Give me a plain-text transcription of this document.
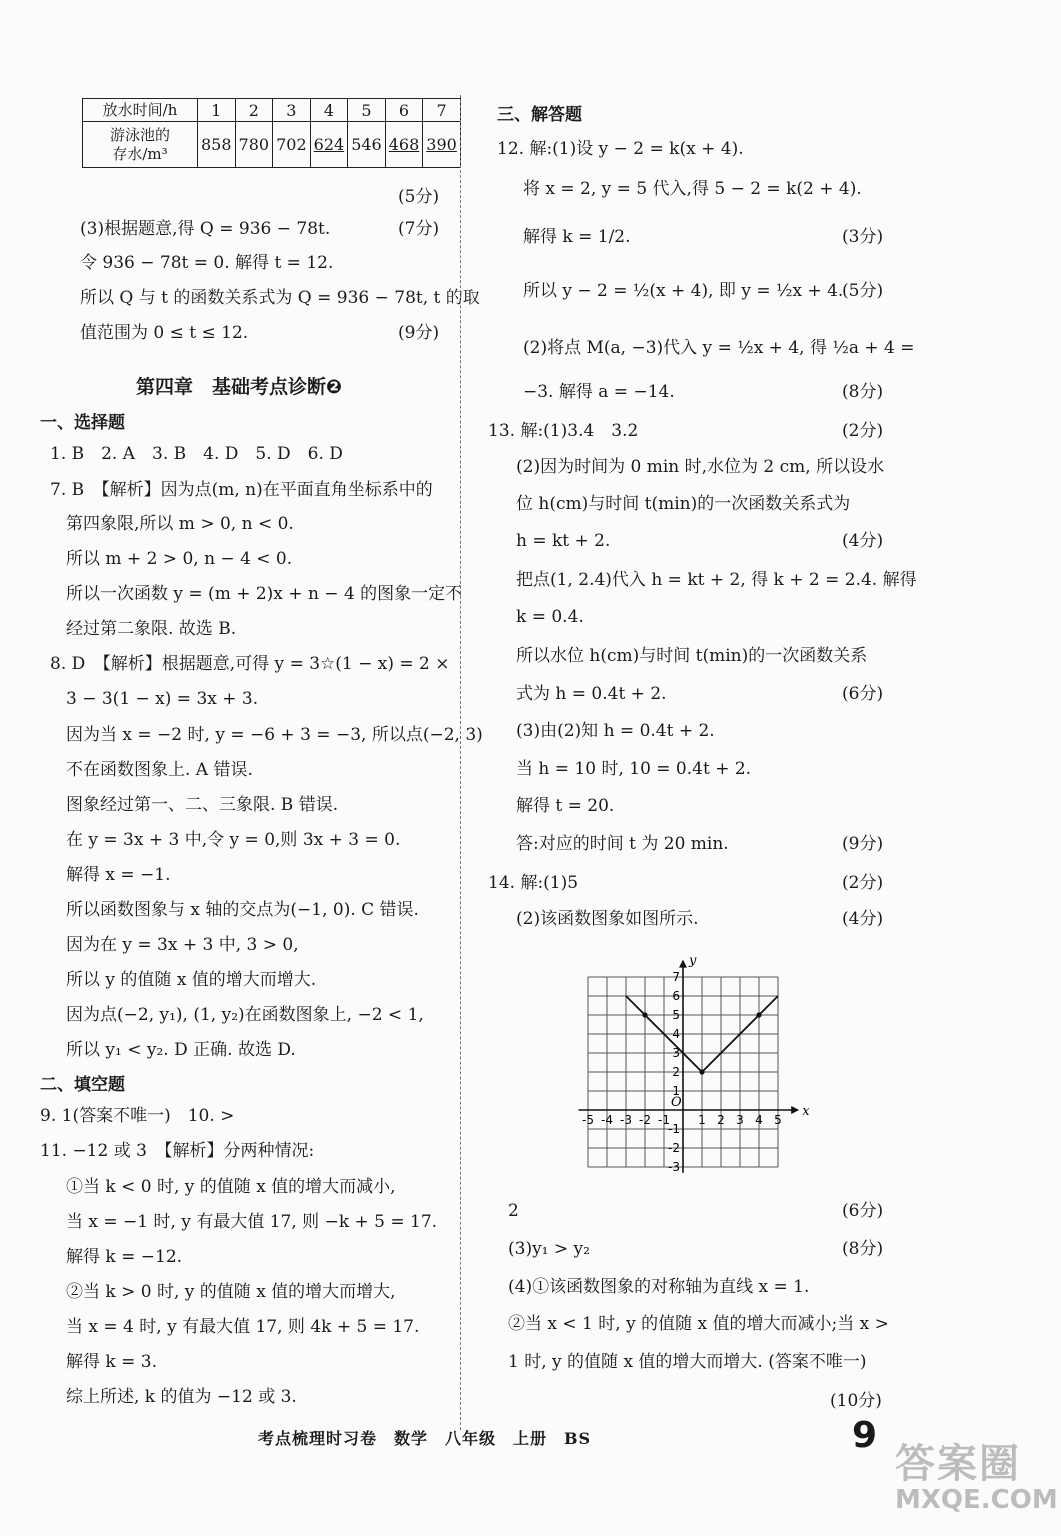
放水时间/h	1	2	3	4	5	6	7

游泳池的
存水/m³	858	780	702	624	546	468	390
(5分)
(3)根据题意,得 Q = 936 − 78t.	(7分)
令 936 − 78t = 0. 解得 t = 12.
所以 Q 与 t 的函数关系式为 Q = 936 − 78t, t 的取
值范围为 0 ≤ t ≤ 12.	(9分)
第四章　基础考点诊断❷
一、选择题
1. B　2. A　3. B　4. D　5. D　6. D
7. B　【解析】因为点(m, n)在平面直角坐标系中的
第四象限,所以 m > 0, n < 0.
所以 m + 2 > 0, n − 4 < 0.
所以一次函数 y = (m + 2)x + n − 4 的图象一定不
经过第二象限. 故选 B.
8. D　【解析】根据题意,可得 y = 3☆(1 − x) = 2 ×
3 − 3(1 − x) = 3x + 3.
因为当 x = −2 时, y = −6 + 3 = −3, 所以点(−2, 3)
不在函数图象上. A 错误.
图象经过第一、二、三象限. B 错误.
在 y = 3x + 3 中,令 y = 0,则 3x + 3 = 0.
解得 x = −1.
所以函数图象与 x 轴的交点为(−1, 0). C 错误.
因为在 y = 3x + 3 中, 3 > 0,
所以 y 的值随 x 值的增大而增大.
因为点(−2, y₁), (1, y₂)在函数图象上, −2 < 1,
所以 y₁ < y₂. D 正确. 故选 D.
二、填空题
9. 1(答案不唯一)　10. >
11. −12 或 3　【解析】分两种情况:
①当 k < 0 时, y 的值随 x 值的增大而减小,
当 x = −1 时, y 有最大值 17, 则 −k + 5 = 17.
解得 k = −12.
②当 k > 0 时, y 的值随 x 值的增大而增大,
当 x = 4 时, y 有最大值 17, 则 4k + 5 = 17.
解得 k = 3.
综上所述, k 的值为 −12 或 3.
三、解答题
12. 解:(1)设 y − 2 = k(x + 4).
将 x = 2, y = 5 代入,得 5 − 2 = k(2 + 4).
解得 k = 1/2.	(3分)
所以 y − 2 = ½(x + 4), 即 y = ½x + 4.
(5分)
(2)将点 M(a, −3)代入 y = ½x + 4, 得 ½a + 4 =
−3. 解得 a = −14.	(8分)
13. 解:(1)3.4　3.2	(2分)
(2)因为时间为 0 min 时,水位为 2 cm, 所以设水
位 h(cm)与时间 t(min)的一次函数关系式为
h = kt + 2.	(4分)
把点(1, 2.4)代入 h = kt + 2, 得 k + 2 = 2.4. 解得
k = 0.4.
所以水位 h(cm)与时间 t(min)的一次函数关系
式为 h = 0.4t + 2.	(6分)
(3)由(2)知 h = 0.4t + 2.
当 h = 10 时, 10 = 0.4t + 2.
解得 t = 20.
答:对应的时间 t 为 20 min.	(9分)
14. 解:(1)5	(2分)
(2)该函数图象如图所示.	(4分)
x
y
O
-5 -4 -3 -2 -1 1 2 3 4 5
7
6
5
4
3
2
1
-1
-2
-3
2	(6分)
(3)y₁ > y₂	(8分)
(4)①该函数图象的对称轴为直线 x = 1.
②当 x < 1 时, y 的值随 x 值的增大而减小;当 x >
1 时, y 的值随 x 值的增大而增大. (答案不唯一)
(10分)
考点梳理时习卷　数学　八年级　上册　BS	9
答案圈
MXQE.COM
